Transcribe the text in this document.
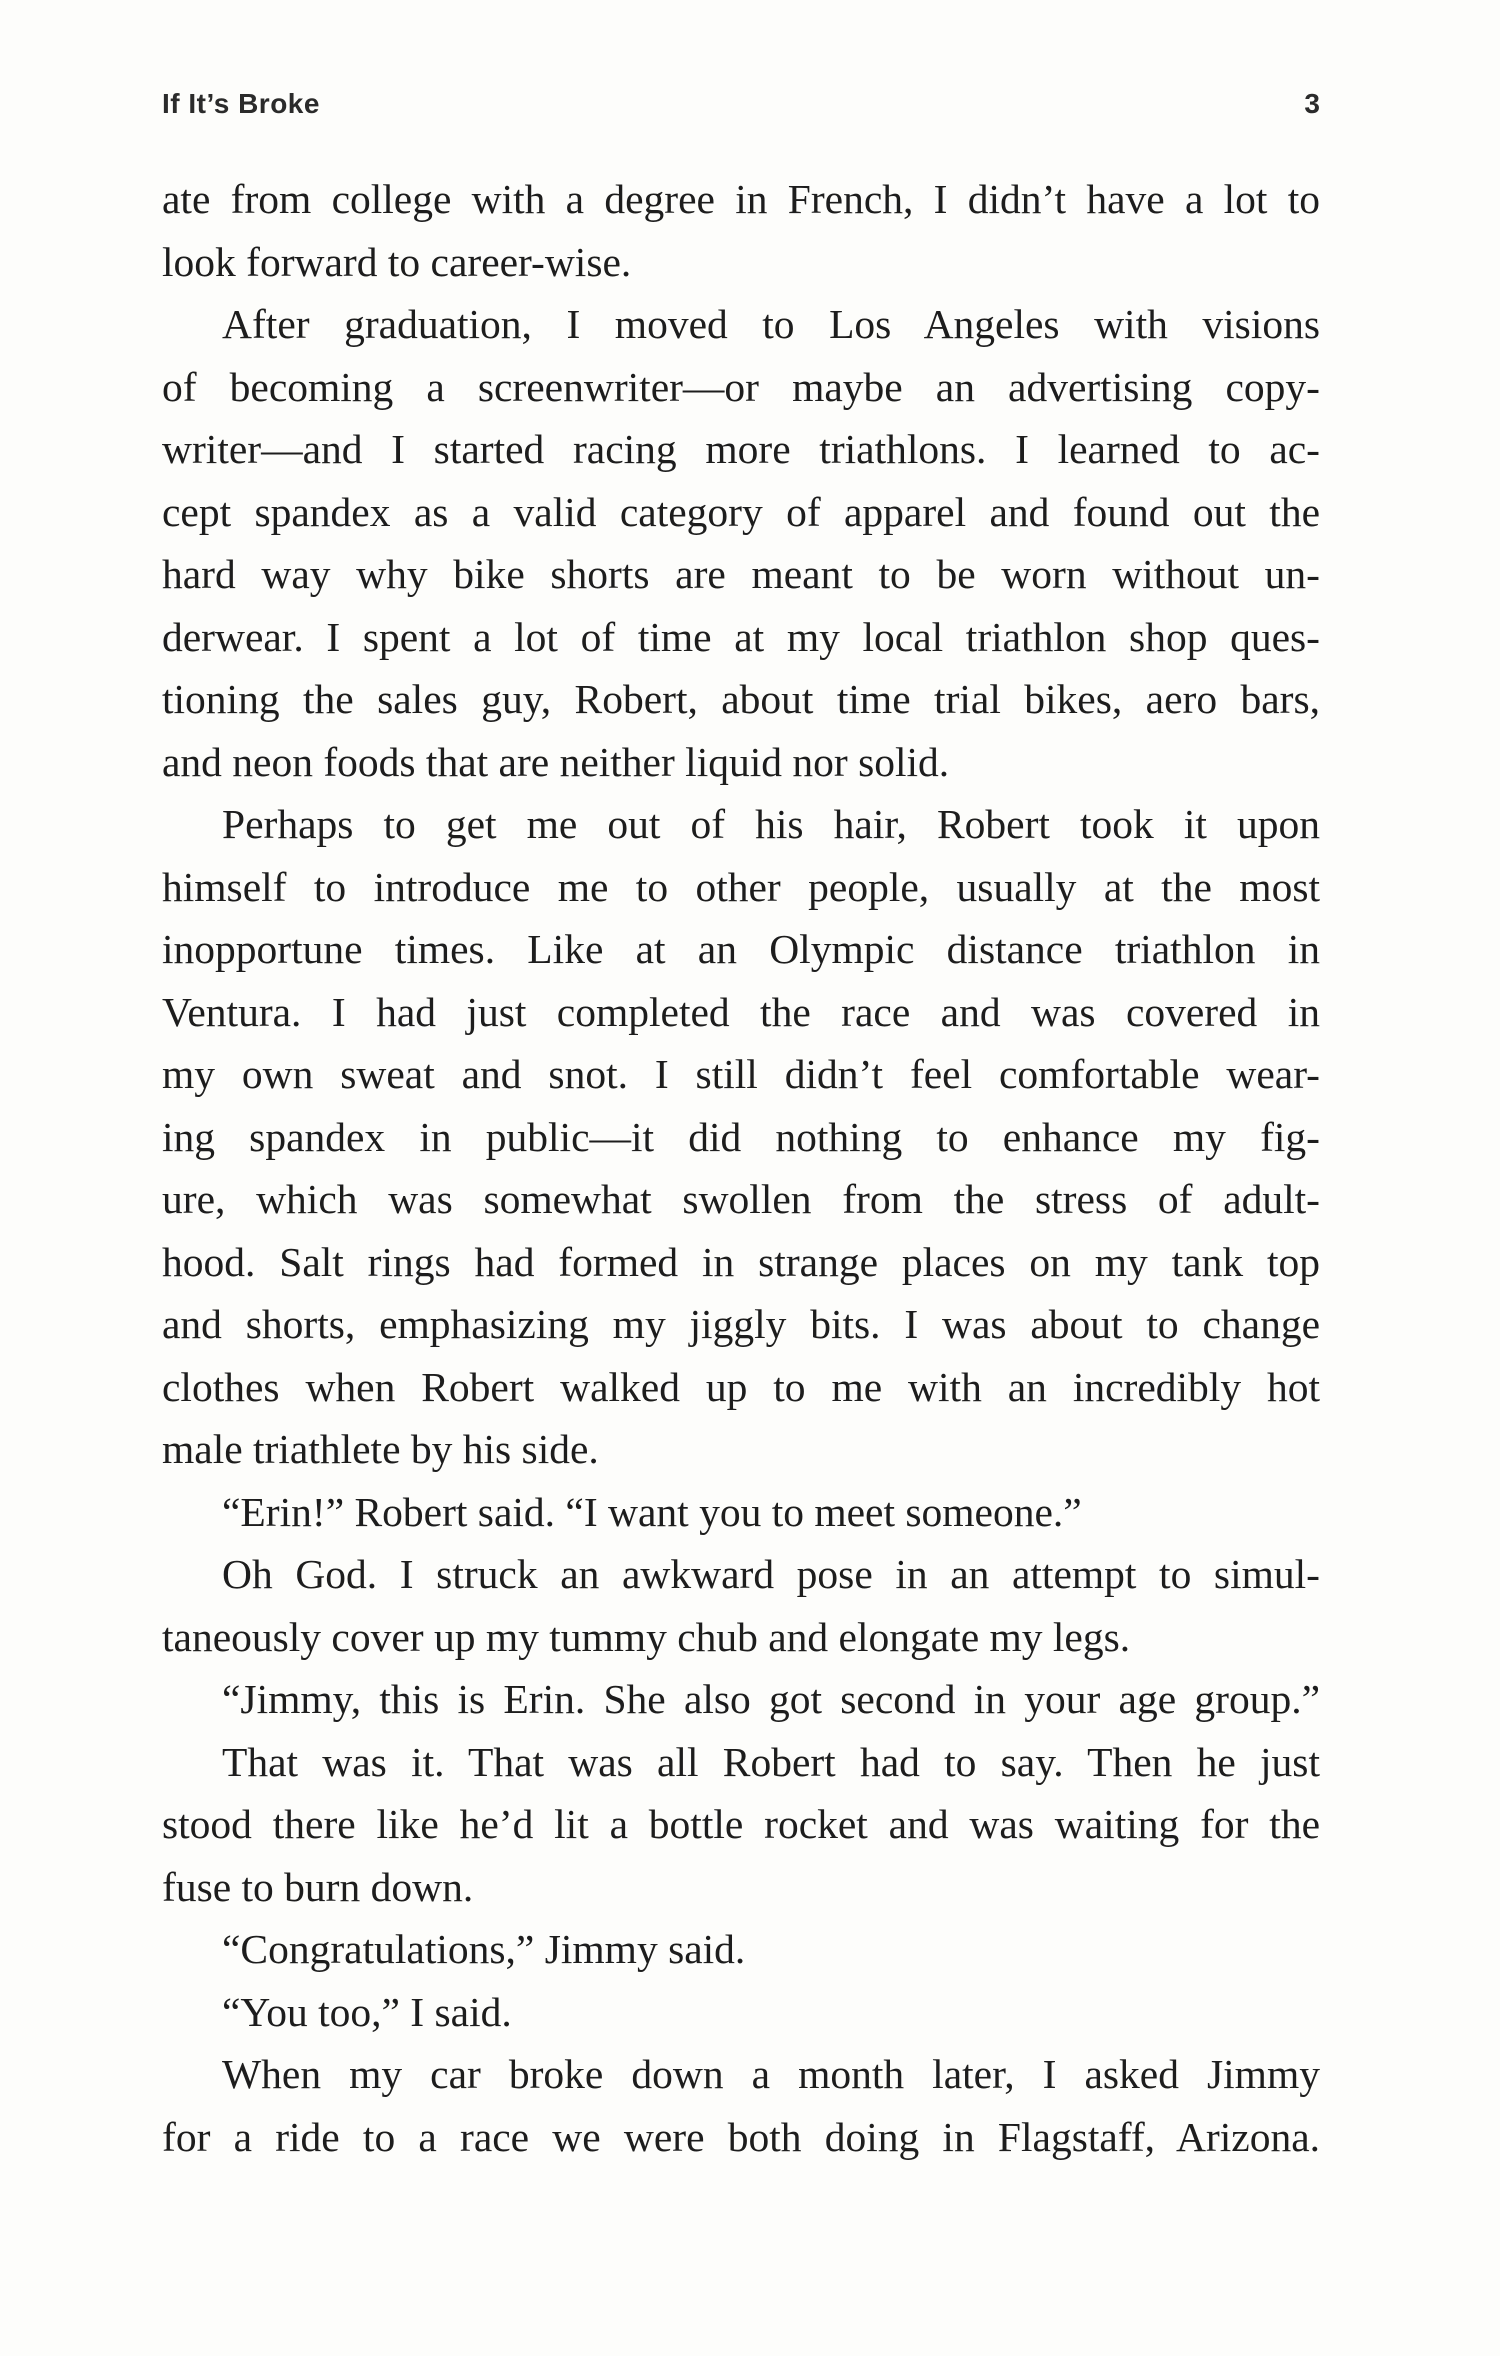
If It’s Broke	3
ate from college with a degree in French, I didn’t have a lot to
look forward to career-wise.
After graduation, I moved to Los Angeles with visions
of becoming a screenwriter—or maybe an advertising copy-
writer—and I started racing more triathlons. I learned to ac-
cept spandex as a valid category of apparel and found out the
hard way why bike shorts are meant to be worn without un-
derwear. I spent a lot of time at my local triathlon shop ques-
tioning the sales guy, Robert, about time trial bikes, aero bars,
and neon foods that are neither liquid nor solid.
Perhaps to get me out of his hair, Robert took it upon
himself to introduce me to other people, usually at the most
inopportune times. Like at an Olympic distance triathlon in
Ventura. I had just completed the race and was covered in
my own sweat and snot. I still didn’t feel comfortable wear-
ing spandex in public—it did nothing to enhance my fig-
ure, which was somewhat swollen from the stress of adult-
hood. Salt rings had formed in strange places on my tank top
and shorts, emphasizing my jiggly bits. I was about to change
clothes when Robert walked up to me with an incredibly hot
male triathlete by his side.
“Erin!” Robert said. “I want you to meet someone.”
Oh God. I struck an awkward pose in an attempt to simul-
taneously cover up my tummy chub and elongate my legs.
“Jimmy, this is Erin. She also got second in your age group.”
That was it. That was all Robert had to say. Then he just
stood there like he’d lit a bottle rocket and was waiting for the
fuse to burn down.
“Congratulations,” Jimmy said.
“You too,” I said.
When my car broke down a month later, I asked Jimmy
for a ride to a race we were both doing in Flagstaff, Arizona.
